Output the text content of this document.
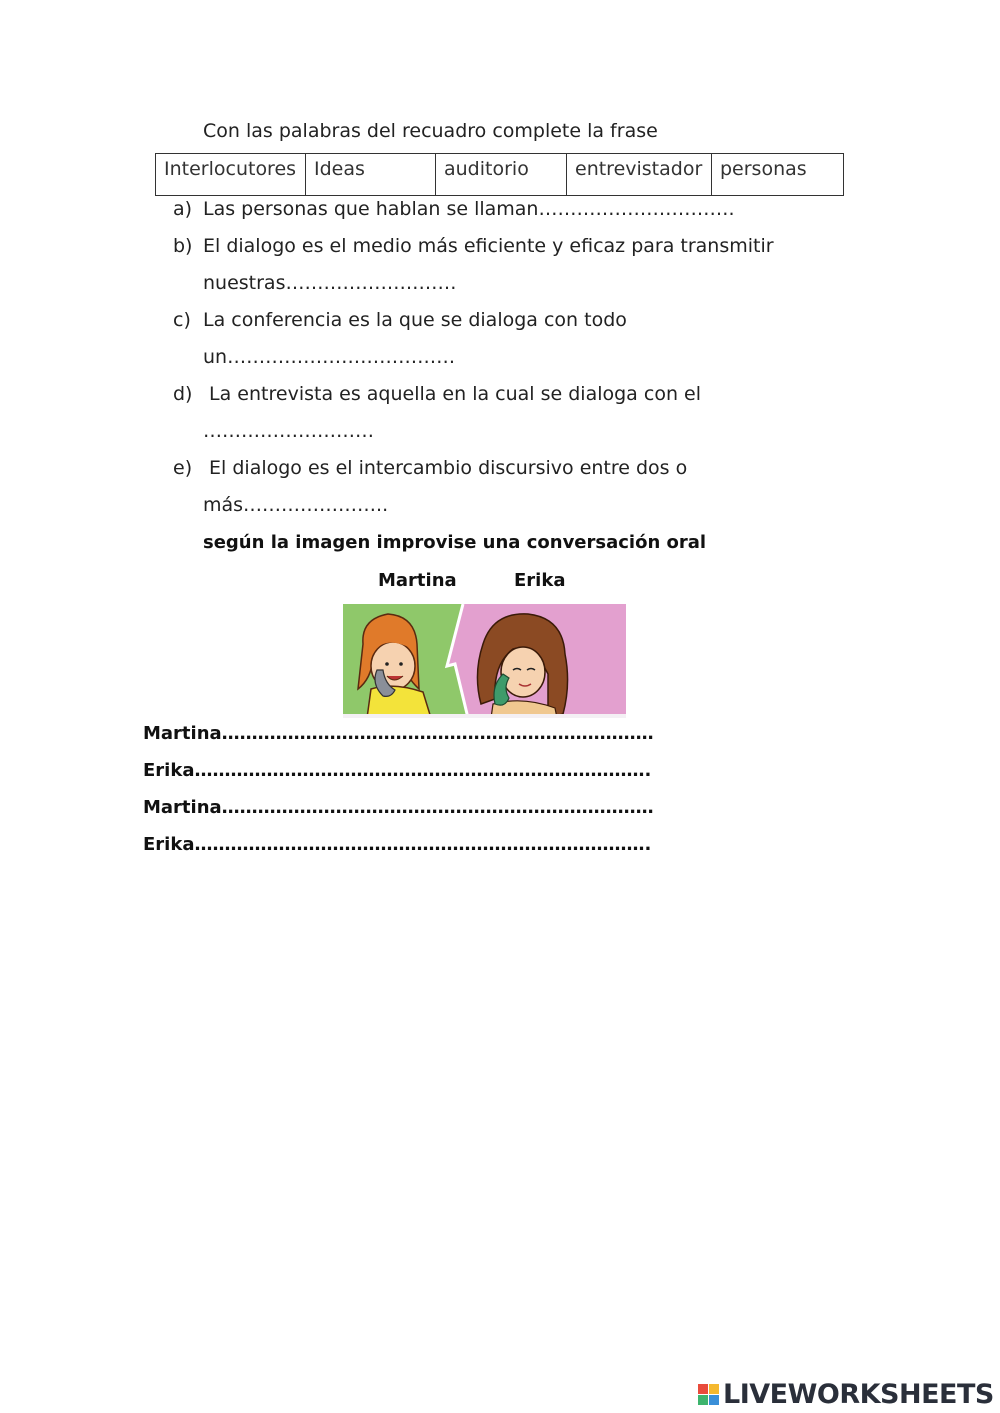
Con las palabras del recuadro complete la frase
Interlocutores	Ideas	auditorio	entrevistador	personas
a) Las personas que hablan se llaman………………………….
b) El dialogo es el medio más eficiente y eficaz para transmitir
nuestras………………………
c) La conferencia es la que se dialoga con todo
un………………………………
d) La entrevista es aquella en la cual se dialoga con el
………………………
e) El dialogo es el intercambio discursivo entre dos o
más…………………..
según la imagen improvise una conversación oral
Martina	Erika
Martina………………………………………………………………
Erika………………………………………………………………….
Martina………………………………………………………………
Erika………………………………………………………………….
LIVEWORKSHEETS
